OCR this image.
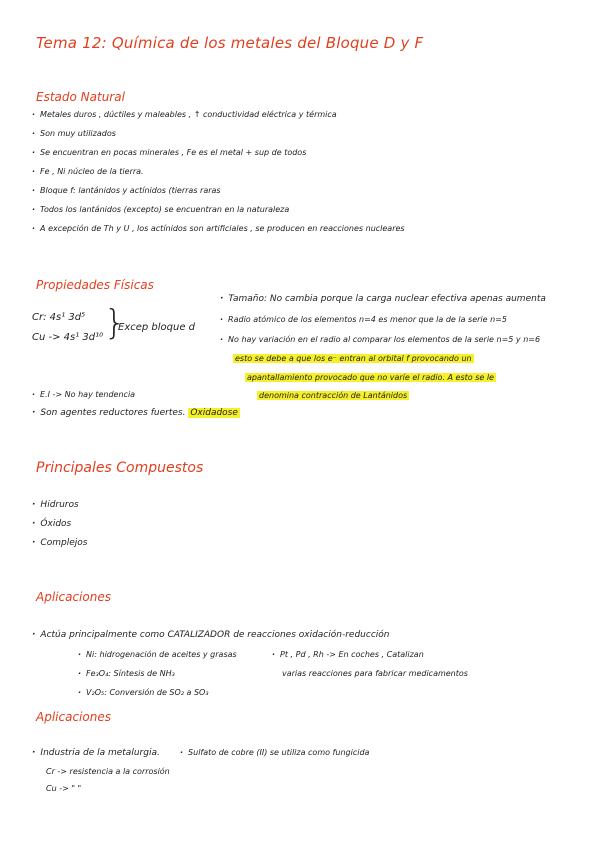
Tema 12: Química de los metales del Bloque D y F
Estado Natural
· Metales duros , dúctiles y maleables , ↑ conductividad eléctrica y térmica
· Son muy utilizados
· Se encuentran en pocas minerales , Fe es el metal + sup de todos
· Fe , Ni núcleo de la tierra.
· Bloque f: lantánidos y actínidos (tierras raras
· Todos los lantánidos (excepto) se encuentran en la naturaleza
· A excepción de Th y U , los actínidos son artificiales , se producen en reacciones nucleares
Propiedades Físicas
Cr: 4s¹ 3d⁵
Cu -> 4s¹ 3d¹⁰ }
Excep bloque d
· Tamaño: No cambia porque la carga nuclear efectiva apenas aumenta
· Radio atómico de los elementos n=4 es menor que la de la serie n=5
· No hay variación en el radio al comparar los elementos de la serie n=5 y n=6
esto se debe a que los e⁻ entran al orbital f provocando un
apantallamiento provocado que no varíe el radio. A esto se le
denomina contracción de Lantánidos
· E.I -> No hay tendencia
· Son agentes reductores fuertes. Oxidadose
Principales Compuestos
· Hidruros
· Óxidos
· Complejos
Aplicaciones
· Actúa principalmente como CATALIZADOR de reacciones oxidación-reducción
· Ni: hidrogenación de aceites y grasas
· Fe₃O₄: Síntesis de NH₃
· V₂O₅: Conversión de SO₂ a SO₃
· Pt , Pd , Rh -> En coches , Catalizan
varias reacciones para fabricar medicamentos
Aplicaciones
· Industria de la metalurgia.	· Sulfato de cobre (II) se utiliza como fungicida
Cr -> resistencia a la corrosión
Cu -> " "
